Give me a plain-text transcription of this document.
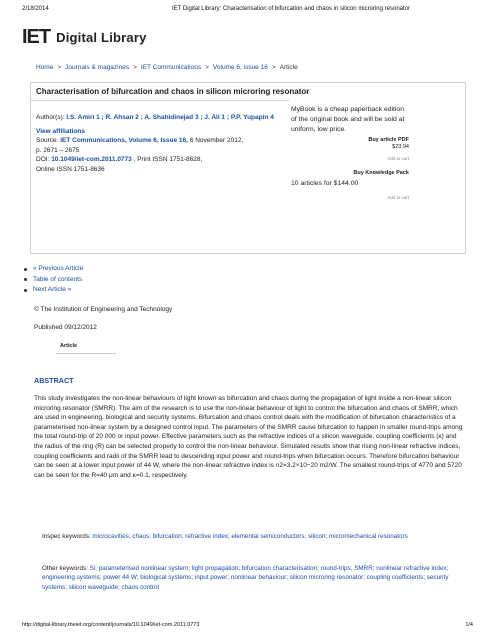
2/18/2014	IET Digital Library: Characterisation of bifurcation and chaos in silicon microring resonator
IET Digital Library
Home > Journals & magazines > IET Communications > Volume 6, issue 16 > Article
Characterisation of bifurcation and chaos in silicon microring resonator
Author(s): I.S. Amiri 1 ; R. Ahsan 2 ; A. Shahidinejad 3 ; J. Ali 1 ; P.P. Yupapin 4
View affiliations
Source: IET Communications, Volume 6, Issue 16, 6 November 2012,
p. 2671 – 2675
DOI: 10.1049/iet-com.2011.0773 , Print ISSN 1751-8628,
Online ISSN 1751-8636
MyBook is a cheap paperback edition of the original book and will be sold at uniform, low price.
Buy article PDF
$23.94
Add to cart
Buy Knowledge Pack
10 articles for $144.00
Add to cart
« Previous Article
Table of contents
Next Article »
© The Institution of Engineering and Technology
Published 09/12/2012
Article
ABSTRACT
This study investigates the non-linear behaviours of light known as bifurcation and chaos during the propagation of light inside a non-linear silicon microring resonator (SMRR). The aim of the research is to use the non-linear behaviour of light to control the bifurcation and chaos of SMRR, which are used in engineering, biological and security systems. Bifurcation and chaos control deals with the modification of bifurcation characteristics of a parameterised non-linear system by a designed control input. The parameters of the SMRR cause bifurcation to happen in smaller round-trips among the total round-trip of 20 000 or input power. Effective parameters such as the refractive indices of a silicon waveguide, coupling coefficients (κ) and the radius of the ring (R) can be selected properly to control the non-linear behaviour. Simulated results show that rising non-linear refractive indices, coupling coefficients and radii of the SMRR lead to descending input power and round-trips when bifurcation occurs. Therefore bifurcation behaviour can be seen at a lower input power of 44 W, where the non-linear refractive index is n2=3.2×10−20 m2/W. The smallest round-trips of 4770 and 5720 can be seen for the R=40 μm and κ=0.1, respectively.
Inspec keywords: microcavities; chaos; bifurcation; refractive index; elemental semiconductors; silicon; micromechanical resonators
Other keywords: Si; parameterised nonlinear system; light propagation; bifurcation characterisation; round-trips; SMRR; nonlinear refractive index; engineering systems; power 44 W; biological systems; input power; nonlinear behaviour; silicon microring resonator; coupling coefficients; security systems; silicon waveguide; chaos control
http://digital-library.theiet.org/content/journals/10.1049/iet-com.2011.0773	1/4
